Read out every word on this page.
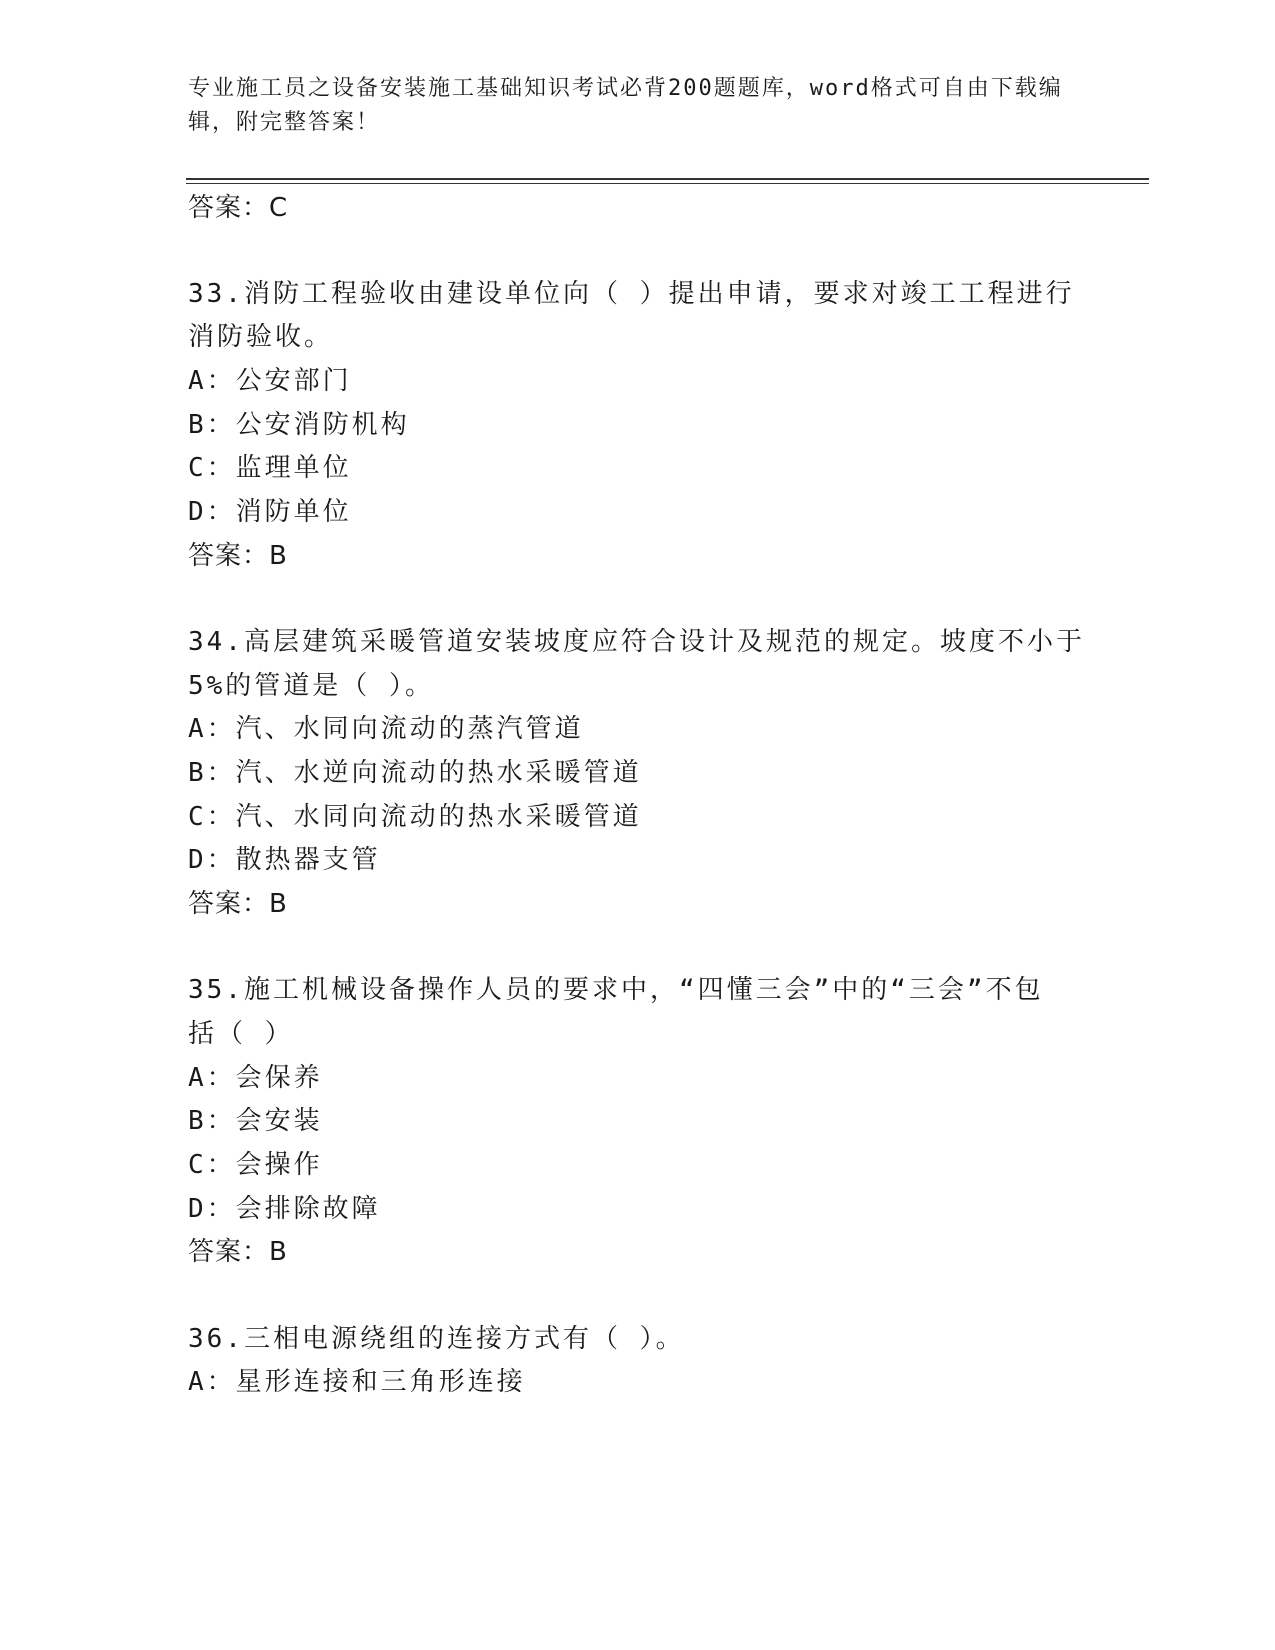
专业施工员之设备安装施工基础知识考试必背200题题库，word格式可自由下载编辑，附完整答案！
答案：C
33.消防工程验收由建设单位向（ ）提出申请，要求对竣工工程进行
消防验收。
A：公安部门
B：公安消防机构
C：监理单位
D：消防单位
答案：B
34.高层建筑采暖管道安装坡度应符合设计及规范的规定。坡度不小于
5%的管道是（ ）。
A：汽、水同向流动的蒸汽管道
B：汽、水逆向流动的热水采暖管道
C：汽、水同向流动的热水采暖管道
D：散热器支管
答案：B
35.施工机械设备操作人员的要求中，“四懂三会”中的“三会”不包
括（ ）
A：会保养
B：会安装
C：会操作
D：会排除故障
答案：B
36.三相电源绕组的连接方式有（ ）。
A：星形连接和三角形连接
